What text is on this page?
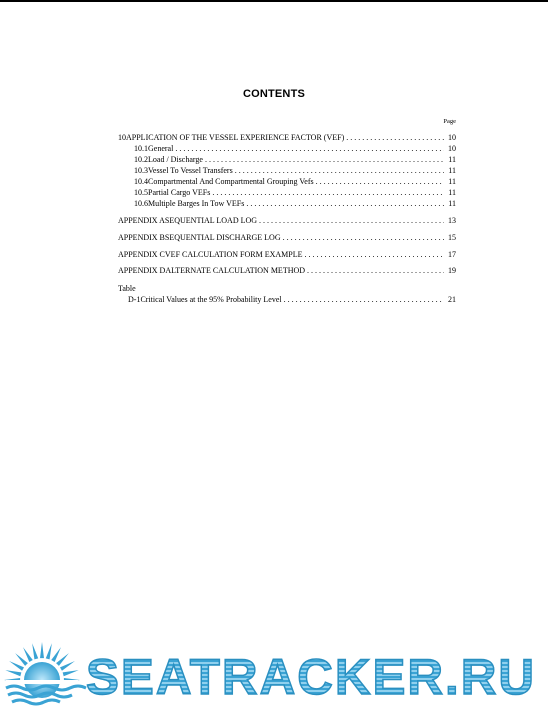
CONTENTS
Page
10 APPLICATION OF THE VESSEL EXPERIENCE FACTOR (VEF) . . .	10
10.1 General . . .	10
10.2 Load / Discharge . . .	11
10.3 Vessel To Vessel Transfers . . .	11
10.4 Compartmental And Compartmental Grouping Vefs . . .	11
10.5 Partial Cargo VEFs . . .	11
10.6 Multiple Barges In Tow VEFs . . .	11
APPENDIX A SEQUENTIAL LOAD LOG . . .	13
APPENDIX B SEQUENTIAL DISCHARGE LOG . . .	15
APPENDIX C VEF CALCULATION FORM EXAMPLE . . .	17
APPENDIX D ALTERNATE CALCULATION METHOD . . .	19
Table
D-1 Critical Values at the 95% Probability Level . . .	21
SEATRACKER.RU
